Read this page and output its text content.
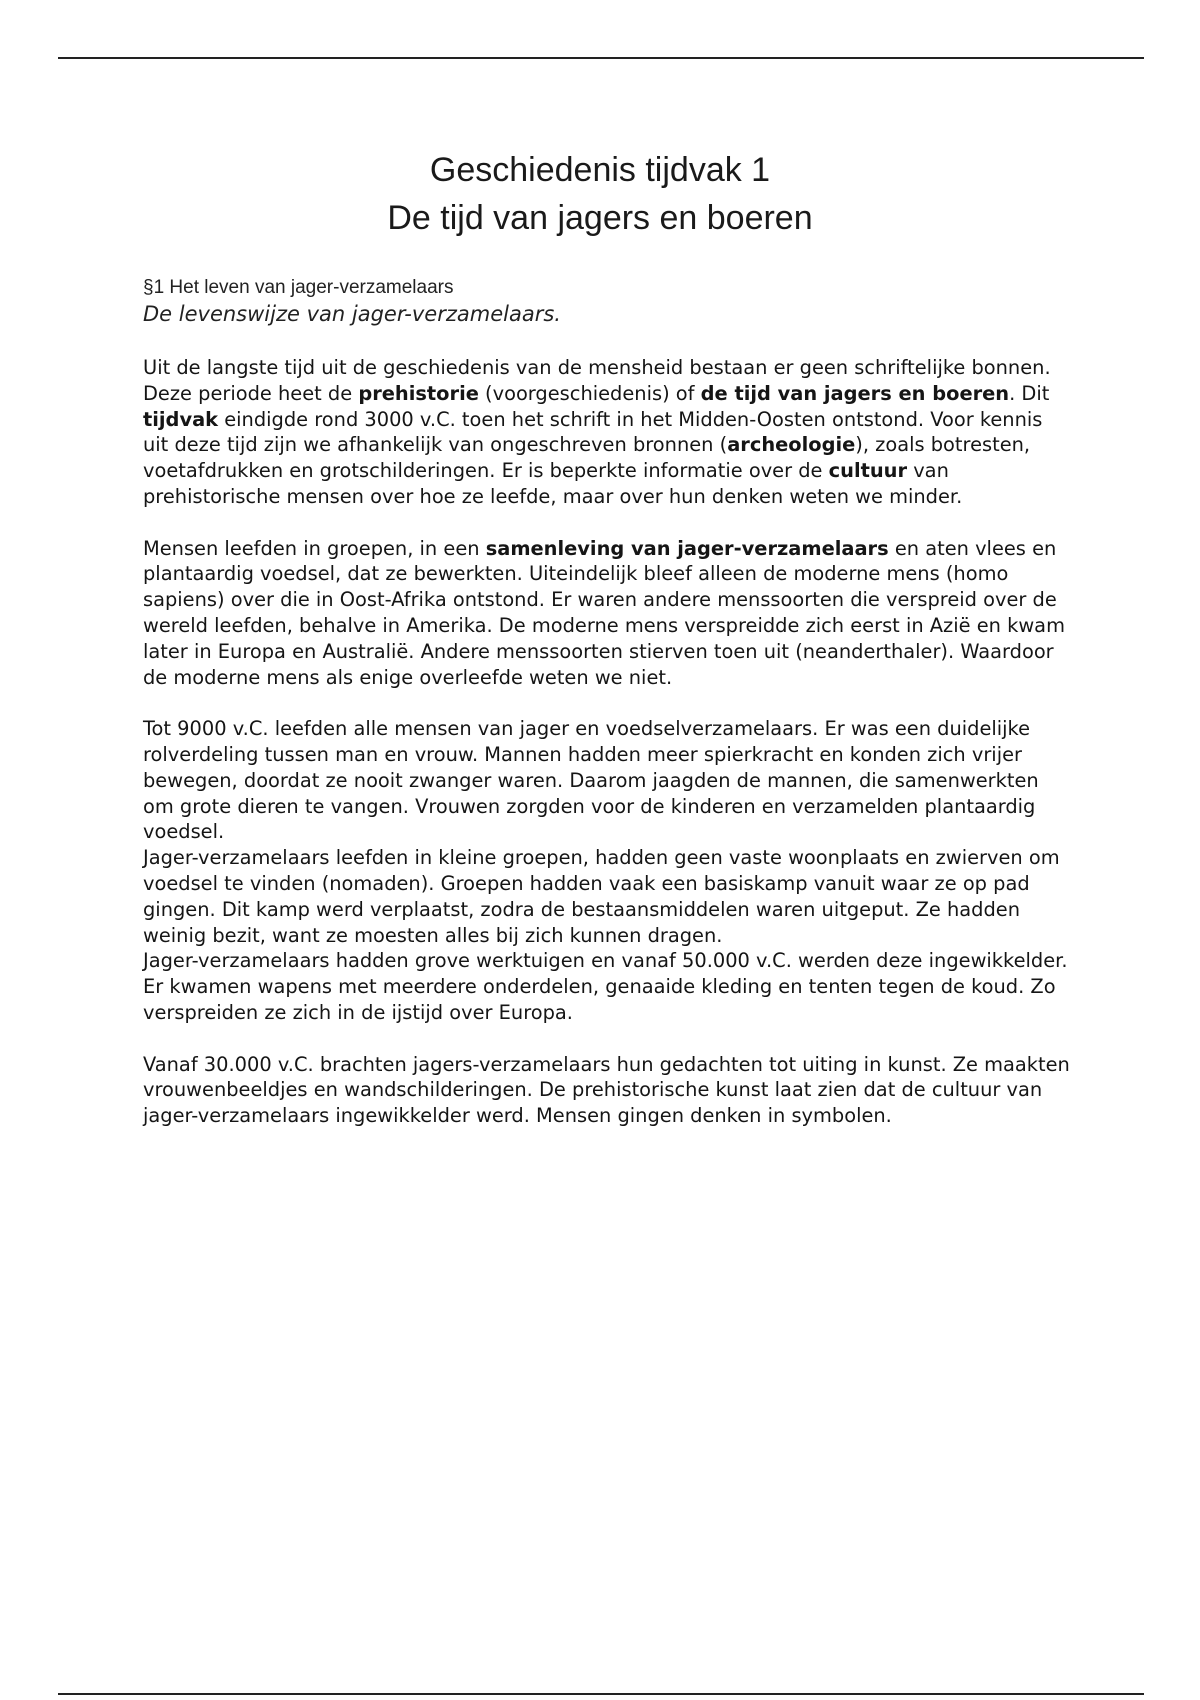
Geschiedenis tijdvak 1
De tijd van jagers en boeren

§1 Het leven van jager-verzamelaars

De levenswijze van jager-verzamelaars.

Uit de langste tijd uit de geschiedenis van de mensheid bestaan er geen schriftelijke bonnen. Deze periode heet de prehistorie (voorgeschiedenis) of de tijd van jagers en boeren. Dit tijdvak eindigde rond 3000 v.C. toen het schrift in het Midden-Oosten ontstond. Voor kennis uit deze tijd zijn we afhankelijk van ongeschreven bronnen (archeologie), zoals botresten, voetafdrukken en grotschilderingen. Er is beperkte informatie over de cultuur van prehistorische mensen over hoe ze leefde, maar over hun denken weten we minder.

Mensen leefden in groepen, in een samenleving van jager-verzamelaars en aten vlees en plantaardig voedsel, dat ze bewerkten. Uiteindelijk bleef alleen de moderne mens (homo sapiens) over die in Oost-Afrika ontstond. Er waren andere menssoorten die verspreid over de wereld leefden, behalve in Amerika. De moderne mens verspreidde zich eerst in Azië en kwam later in Europa en Australië. Andere menssoorten stierven toen uit (neanderthaler). Waardoor de moderne mens als enige overleefde weten we niet.

Tot 9000 v.C. leefden alle mensen van jager en voedselverzamelaars. Er was een duidelijke rolverdeling tussen man en vrouw. Mannen hadden meer spierkracht en konden zich vrijer bewegen, doordat ze nooit zwanger waren. Daarom jaagden de mannen, die samenwerkten om grote dieren te vangen. Vrouwen zorgden voor de kinderen en verzamelden plantaardig voedsel.

Jager-verzamelaars leefden in kleine groepen, hadden geen vaste woonplaats en zwierven om voedsel te vinden (nomaden). Groepen hadden vaak een basiskamp vanuit waar ze op pad gingen. Dit kamp werd verplaatst, zodra de bestaansmiddelen waren uitgeput. Ze hadden weinig bezit, want ze moesten alles bij zich kunnen dragen.

Jager-verzamelaars hadden grove werktuigen en vanaf 50.000 v.C. werden deze ingewikkelder. Er kwamen wapens met meerdere onderdelen, genaaide kleding en tenten tegen de koud. Zo verspreiden ze zich in de ijstijd over Europa.

Vanaf 30.000 v.C. brachten jagers-verzamelaars hun gedachten tot uiting in kunst. Ze maakten vrouwenbeeldjes en wandschilderingen. De prehistorische kunst laat zien dat de cultuur van jager-verzamelaars ingewikkelder werd. Mensen gingen denken in symbolen.
